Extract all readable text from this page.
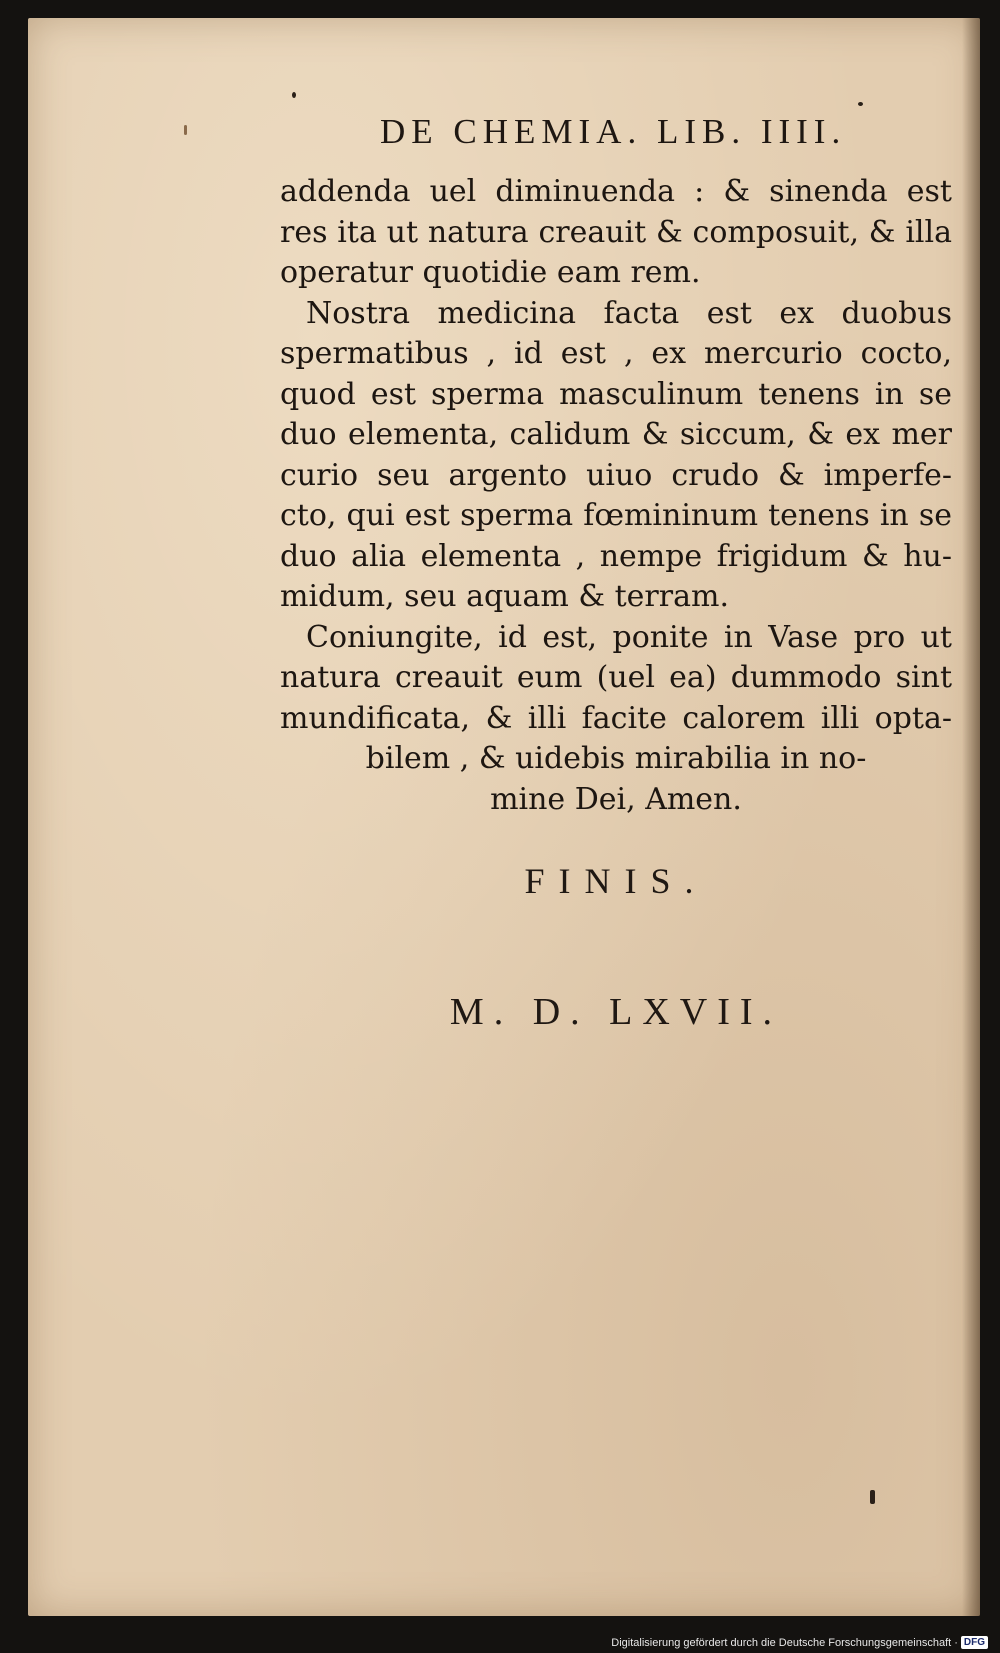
DE CHEMIA. LIB. IIII.
addenda uel diminuenda : & sinenda est
res ita ut natura creauit & composuit, & illa
operatur quotidie eam rem.
Nostra medicina facta est ex duobus
spermatibus , id est , ex mercurio cocto,
quod est sperma masculinum tenens in se
duo elementa, calidum & siccum, & ex mer
curio seu argento uiuo crudo & imperfe-
cto, qui est sperma fœmininum tenens in se
duo alia elementa , nempe frigidum & hu-
midum, seu aquam & terram.
Coniungite, id est, ponite in Vase pro ut
natura creauit eum (uel ea) dummodo sint
mundificata, & illi facite calorem illi opta-
bilem , & uidebis mirabilia in no-
mine Dei, Amen.
FINIS.
M. D. LXVII.
Digitalisierung gefördert durch die Deutsche Forschungsgemeinschaft · DFG
